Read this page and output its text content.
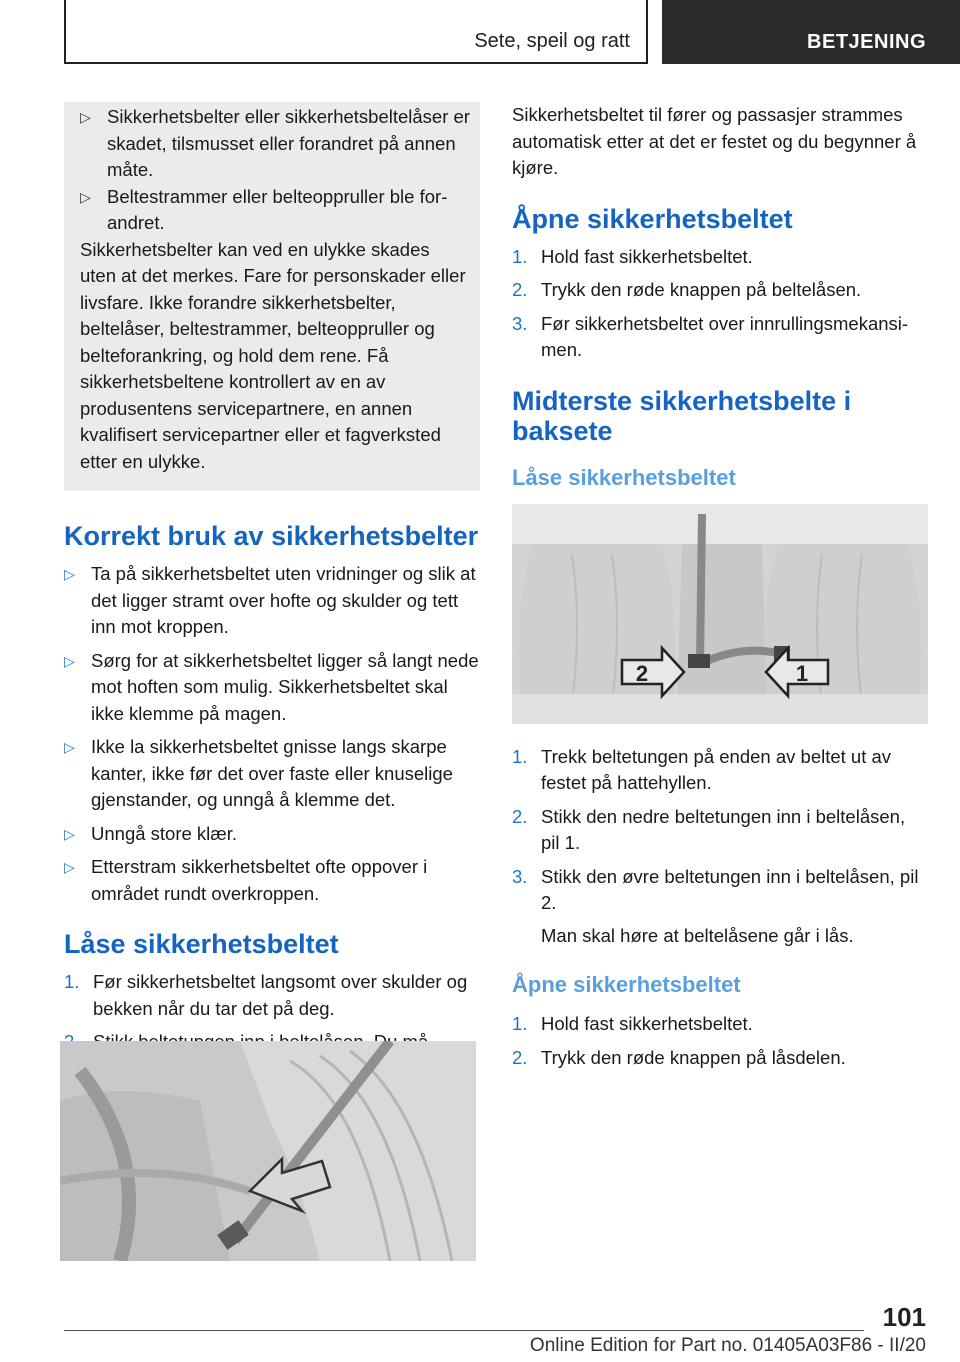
Sete, speil og ratt	BETJENING

▷ Sikkerhetsbelter eller sikkerhetsbeltelåser er skadet, tilsmusset eller forandret på annen måte.

▷ Beltestrammer eller belteoppruller ble forandret.

Sikkerhetsbelter kan ved en ulykke skades uten at det merkes. Fare for personskader eller livsfare. Ikke forandre sikkerhetsbelter, beltelåser, beltestrammer, belteoppruller og belteforankring, og hold dem rene. Få sikkerhetsbeltene kontrollert av en av produsentens servicepartnere, en annen kvalifisert servicepartner eller et fagverksted etter en ulykke.

Korrekt bruk av sikkerhetsbelter

▷ Ta på sikkerhetsbeltet uten vridninger og slik at det ligger stramt over hofte og skulder og tett inn mot kroppen.

▷ Sørg for at sikkerhetsbeltet ligger så langt nede mot hoften som mulig. Sikkerhetsbeltet skal ikke klemme på magen.

▷ Ikke la sikkerhetsbeltet gnisse langs skarpe kanter, ikke før det over faste eller knuselige gjenstander, og unngå å klemme det.

▷ Unngå store klær.

▷ Etterstram sikkerhetsbeltet ofte oppover i området rundt overkroppen.

Låse sikkerhetsbeltet

1. Før sikkerhetsbeltet langsomt over skulder og bekken når du tar det på deg.

Sikkerhetsbeltet til fører og passasjer strammes automatisk etter at det er festet og du begynner å kjøre.

Åpne sikkerhetsbeltet

1. Hold fast sikkerhetsbeltet.

2. Trykk den røde knappen på beltelåsen.

3. Før sikkerhetsbeltet over innrullingsmekansimen.

Midterste sikkerhetsbelte i baksete
Låse sikkerhetsbeltet
2	1

1. Trekk beltetungen på enden av beltet ut av festet på hattehyllen.

2. Stikk den nedre beltetungen inn i beltelåsen, pil 1.

3. Stikk den øvre beltetungen inn i beltelåsen, pil 2.
Man skal høre at beltelåsene går i lås.

Åpne sikkerhetsbeltet

1. Hold fast sikkerhetsbeltet.

2. Trykk den røde knappen på låsdelen.

101
Online Edition for Part no. 01405A03F86 - II/20
